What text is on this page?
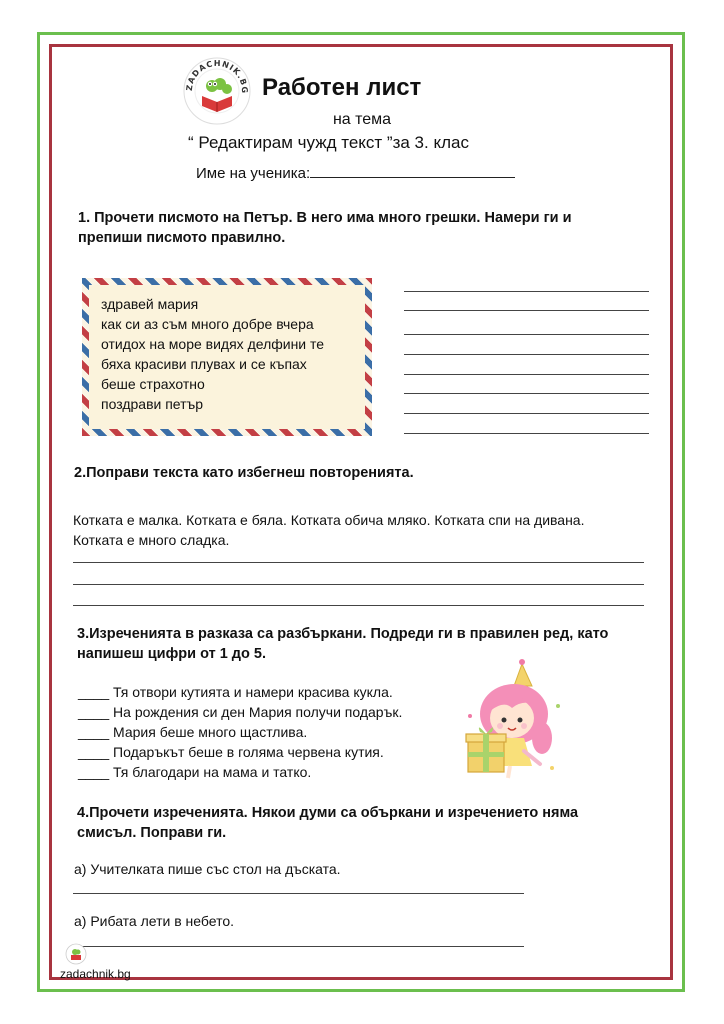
ZADACHNIK.BG Работен лист
на тема
“ Редактирам чужд текст ”за 3. клас
Име на ученика:
1. Прочети писмото на Петър. В него има много грешки. Намери ги и
препиши писмото правилно.
здравей мария
как си аз съм много добре вчера
отидох на море видях делфини те
бяха красиви плувах и се къпах
беше страхотно
поздрави петър
2.Поправи текста като избегнеш повторенията.
Котката е малка. Котката е бяла. Котката обича мляко. Котката спи на дивана.
Котката е много сладка.
3.Изреченията в разказа са разбъркани. Подреди ги в правилен ред, като
напишеш цифри от 1 до 5.
____ Тя отвори кутията и намери красива кукла.
____ На рождения си ден Мария получи подарък.
____ Мария беше много щастлива.
____ Подаръкът беше в голяма червена кутия.
____ Тя благодари на мама и татко.
4.Прочети изреченията. Някои думи са объркани и изречението няма
смисъл. Поправи ги.
а) Учителката пише със стол на дъската.
а) Рибата лети в небето.
zadachnik.bg
